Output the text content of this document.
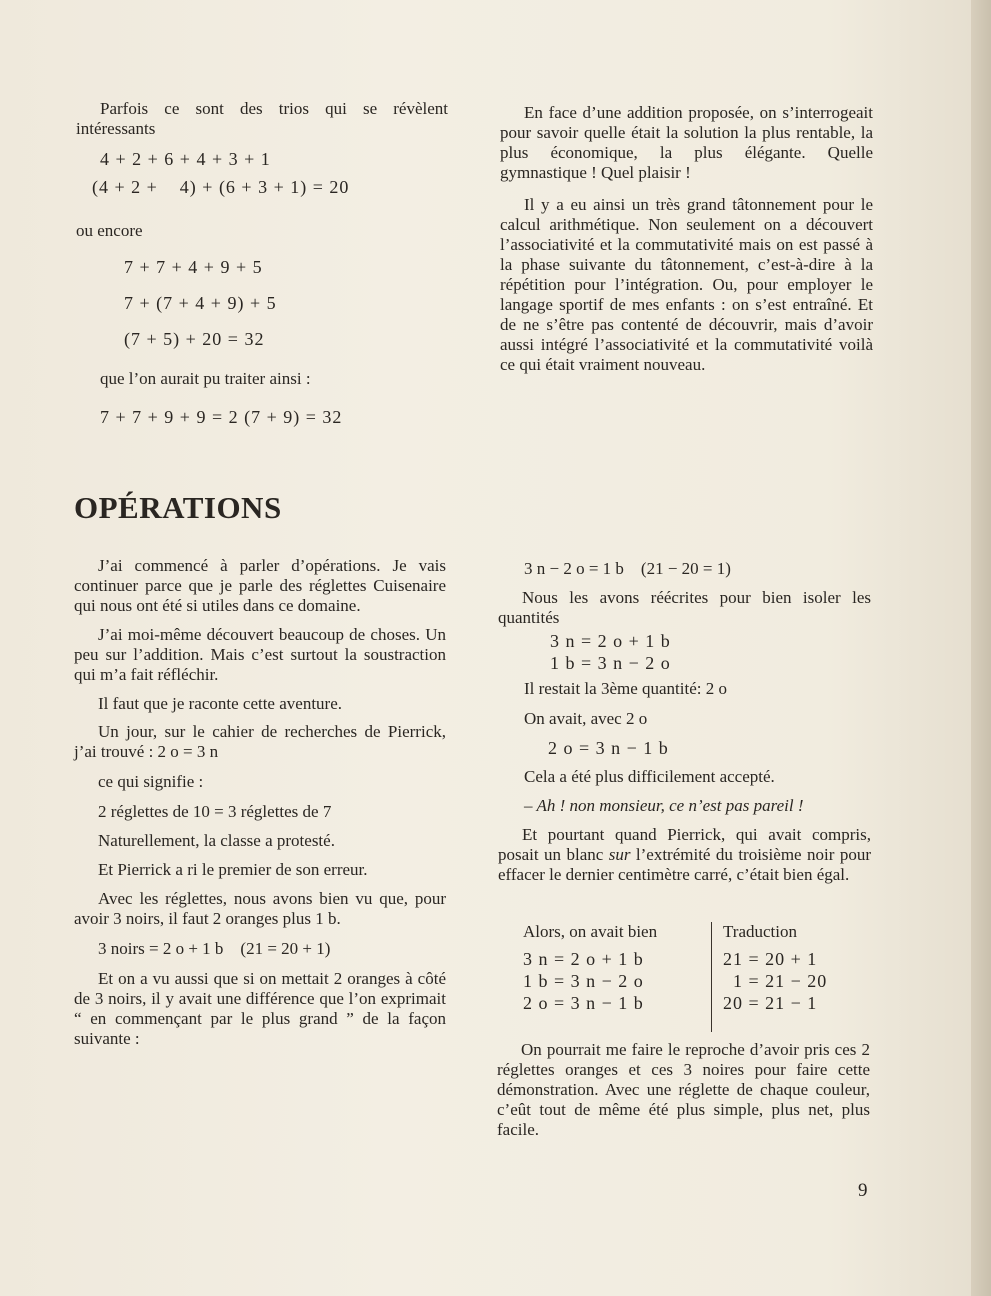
Parfois ce sont des trios qui se révèlent intéressants

4 + 2 + 6 + 4 + 3 + 1

(4 + 2 +    4) + (6 + 3 + 1) = 20

ou encore

7 + 7 + 4 + 9 + 5

7 + (7 + 4 + 9) + 5

(7 + 5) + 20 = 32

que l’on aurait pu traiter ainsi :

7 + 7 + 9 + 9 = 2 (7 + 9) = 32

En face d’une addition proposée, on s’interrogeait pour savoir quelle était la solution la plus rentable, la plus économique, la plus élégante. Quelle gymnastique ! Quel plaisir !

Il y a eu ainsi un très grand tâtonnement pour le calcul arithmétique. Non seulement on a découvert l’associativité et la commutativité mais on est passé à la phase suivante du tâtonnement, c’est-à-dire à la répétition pour l’intégration. Ou, pour employer le langage sportif de mes enfants : on s’est entraîné. Et de ne s’être pas contenté de découvrir, mais d’avoir aussi intégré l’associativité et la commutativité voilà ce qui était vraiment nouveau.

OPÉRATIONS

J’ai commencé à parler d’opérations. Je vais continuer parce que je parle des réglettes Cuisenaire qui nous ont été si utiles dans ce domaine.

J’ai moi-même découvert beaucoup de choses. Un peu sur l’addition. Mais c’est surtout la soustraction qui m’a fait réfléchir.

Il faut que je raconte cette aventure.

Un jour, sur le cahier de recherches de Pierrick, j’ai trouvé : 2 o = 3 n

ce qui signifie :

2 réglettes de 10 = 3 réglettes de 7

Naturellement, la classe a protesté.

Et Pierrick a ri le premier de son erreur.

Avec les réglettes, nous avons bien vu que, pour avoir 3 noirs, il faut 2 oranges plus 1 b.

3 noirs = 2 o + 1 b    (21 = 20 + 1)

Et on a vu aussi que si on mettait 2 oranges à côté de 3 noirs, il y avait une différence que l’on exprimait “ en commençant par le plus grand ” de la façon suivante :

3 n − 2 o = 1 b    (21 − 20 = 1)

Nous les avons réécrites pour bien isoler les quantités

3 n = 2 o + 1 b

1 b = 3 n − 2 o

Il restait la 3ème quantité: 2 o

On avait, avec 2 o

2 o = 3 n − 1 b

Cela a été plus difficilement accepté.

– Ah ! non monsieur, ce n’est pas pareil !

Et pourtant quand Pierrick, qui avait compris, posait un blanc sur l’extrémité du troisième noir pour effacer le dernier centimètre carré, c’était bien égal.

Alors, on avait bien

3 n = 2 o + 1 b

1 b = 3 n − 2 o

2 o = 3 n − 1 b

Traduction

21 = 20 + 1

1 = 21 − 20

20 = 21 − 1

On pourrait me faire le reproche d’avoir pris ces 2 réglettes oranges et ces 3 noires pour faire cette démonstration. Avec une réglette de chaque couleur, c’eût tout de même été plus simple, plus net, plus facile.

9
